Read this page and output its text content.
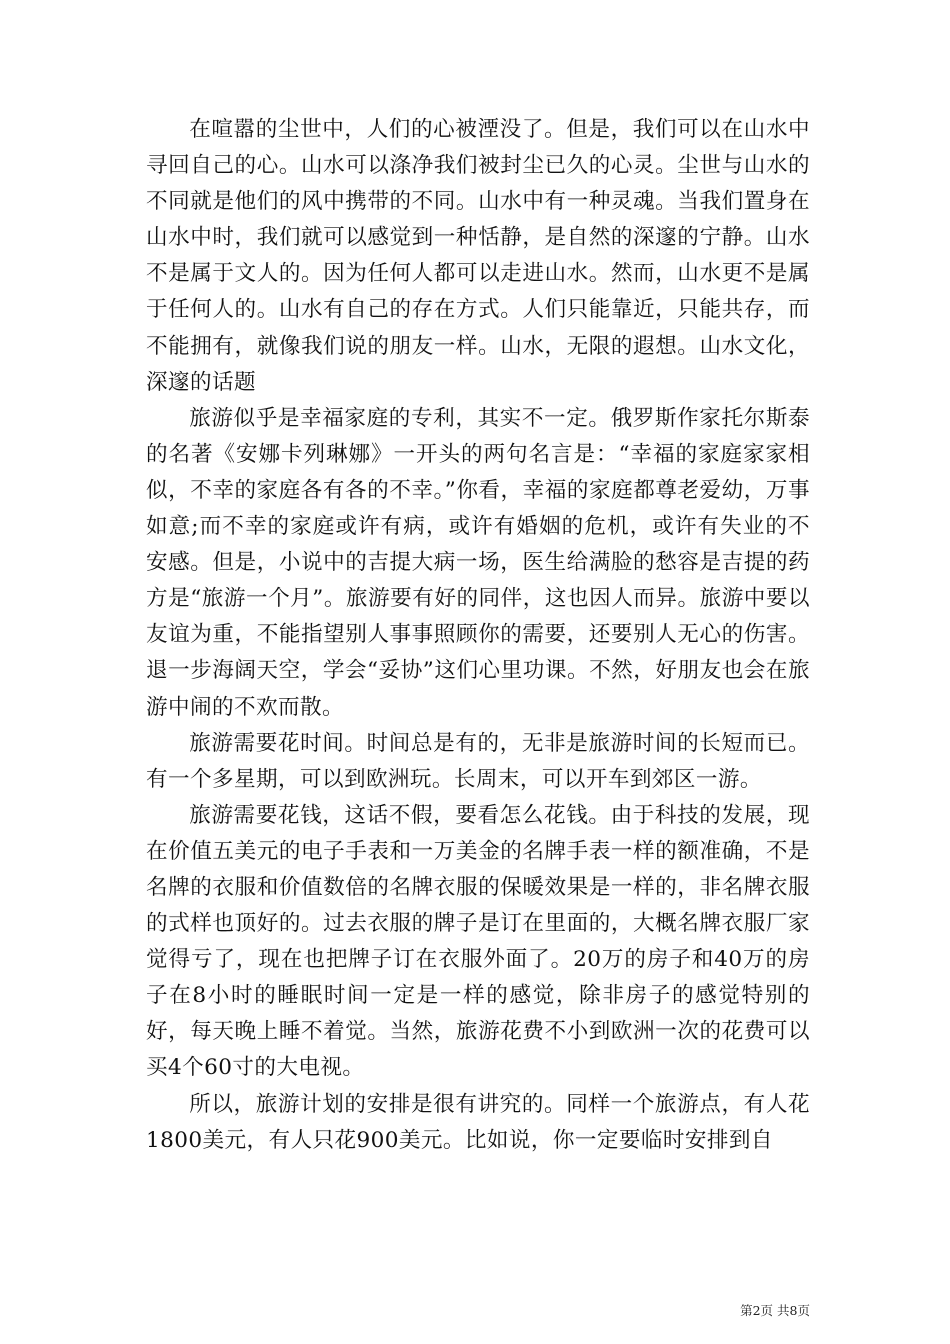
在喧嚣的尘世中，人们的心被湮没了。但是，我们可以在山水中寻回自己的心。山水可以涤净我们被封尘已久的心灵。尘世与山水的不同就是他们的风中携带的不同。山水中有一种灵魂。当我们置身在山水中时，我们就可以感觉到一种恬静，是自然的深邃的宁静。山水不是属于文人的。因为任何人都可以走进山水。然而，山水更不是属于任何人的。山水有自己的存在方式。人们只能靠近，只能共存，而不能拥有，就像我们说的朋友一样。山水，无限的遐想。山水文化，深邃的话题

旅游似乎是幸福家庭的专利，其实不一定。俄罗斯作家托尔斯泰的名著《安娜卡列琳娜》一开头的两句名言是：“幸福的家庭家家相似，不幸的家庭各有各的不幸。”你看，幸福的家庭都尊老爱幼，万事如意;而不幸的家庭或许有病，或许有婚姻的危机，或许有失业的不安感。但是，小说中的吉提大病一场，医生给满脸的愁容是吉提的药方是“旅游一个月”。旅游要有好的同伴，这也因人而异。旅游中要以友谊为重，不能指望别人事事照顾你的需要，还要别人无心的伤害。退一步海阔天空，学会“妥协”这们心里功课。不然，好朋友也会在旅游中闹的不欢而散。

旅游需要花时间。时间总是有的，无非是旅游时间的长短而已。有一个多星期，可以到欧洲玩。长周末，可以开车到郊区一游。

旅游需要花钱，这话不假，要看怎么花钱。由于科技的发展，现在价值五美元的电子手表和一万美金的名牌手表一样的额准确，不是名牌的衣服和价值数倍的名牌衣服的保暖效果是一样的，非名牌衣服的式样也顶好的。过去衣服的牌子是订在里面的，大概名牌衣服厂家觉得亏了，现在也把牌子订在衣服外面了。20万的房子和40万的房子在8小时的睡眠时间一定是一样的感觉，除非房子的感觉特别的好，每天晚上睡不着觉。当然，旅游花费不小到欧洲一次的花费可以买4个60寸的大电视。

所以，旅游计划的安排是很有讲究的。同样一个旅游点，有人花1800美元，有人只花900美元。比如说，你一定要临时安排到自

第2页 共8页
